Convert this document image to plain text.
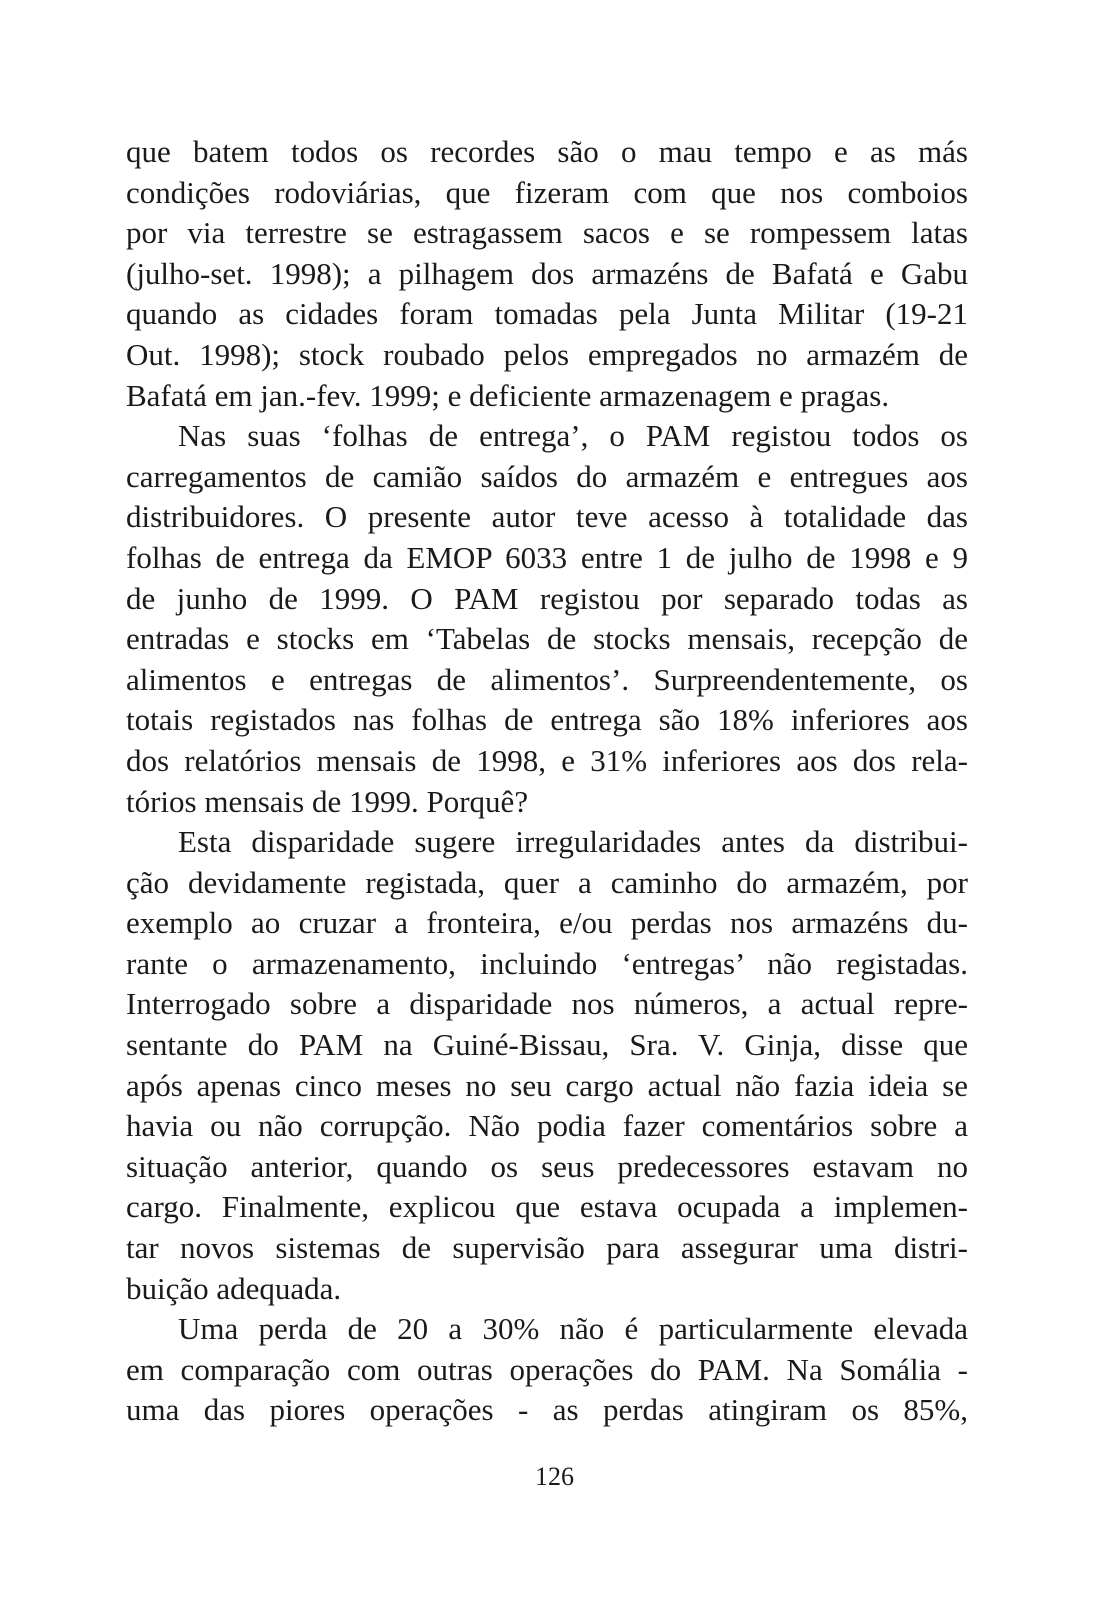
que batem todos os recordes são o mau tempo e as más
condições rodoviárias, que fizeram com que nos comboios
por via terrestre se estragassem sacos e se rompessem latas
(julho-set. 1998); a pilhagem dos armazéns de Bafatá e Gabu
quando as cidades foram tomadas pela Junta Militar (19-21
Out. 1998); stock roubado pelos empregados no armazém de
Bafatá em jan.-fev. 1999; e deficiente armazenagem e pragas.
Nas suas ‘folhas de entrega’, o PAM registou todos os
carregamentos de camião saídos do armazém e entregues aos
distribuidores. O presente autor teve acesso à totalidade das
folhas de entrega da EMOP 6033 entre 1 de julho de 1998 e 9
de junho de 1999. O PAM registou por separado todas as
entradas e stocks em ‘Tabelas de stocks mensais, recepção de
alimentos e entregas de alimentos’. Surpreendentemente, os
totais registados nas folhas de entrega são 18% inferiores aos
dos relatórios mensais de 1998, e 31% inferiores aos dos rela-
tórios mensais de 1999. Porquê?
Esta disparidade sugere irregularidades antes da distribui-
ção devidamente registada, quer a caminho do armazém, por
exemplo ao cruzar a fronteira, e/ou perdas nos armazéns du-
rante o armazenamento, incluindo ‘entregas’ não registadas.
Interrogado sobre a disparidade nos números, a actual repre-
sentante do PAM na Guiné-Bissau, Sra. V. Ginja, disse que
após apenas cinco meses no seu cargo actual não fazia ideia se
havia ou não corrupção. Não podia fazer comentários sobre a
situação anterior, quando os seus predecessores estavam no
cargo. Finalmente, explicou que estava ocupada a implemen-
tar novos sistemas de supervisão para assegurar uma distri-
buição adequada.
Uma perda de 20 a 30% não é particularmente elevada
em comparação com outras operações do PAM. Na Somália -
uma das piores operações - as perdas atingiram os 85%,
126
